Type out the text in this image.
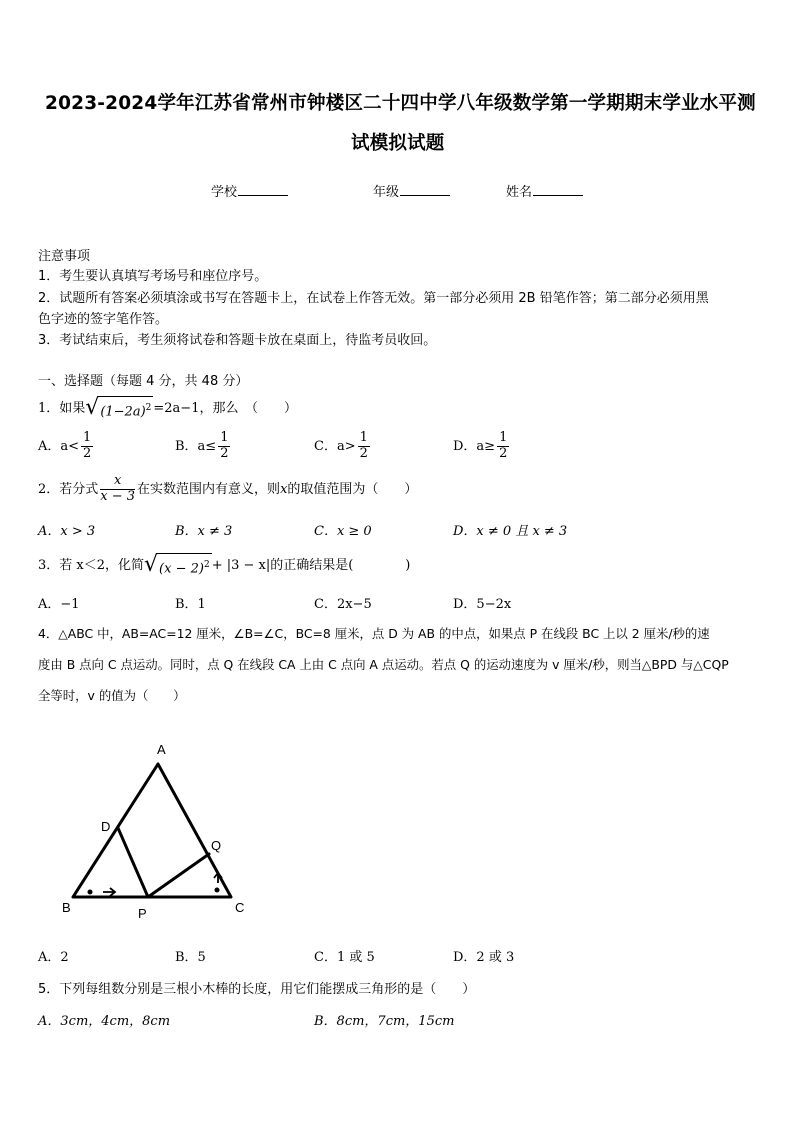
2023-2024学年江苏省常州市钟楼区二十四中学八年级数学第一学期期末学业水平测
试模拟试题
学校	年级	姓名
注意事项
1．考生要认真填写考场号和座位序号。
2．试题所有答案必须填涂或书写在答题卡上，在试卷上作答无效。第一部分必须用 2B 铅笔作答；第二部分必须用黑
色字迹的签字笔作答。
3．考试结束后，考生须将试卷和答题卡放在桌面上，待监考员收回。
一、选择题（每题 4 分，共 48 分）
1．如果 √ $(1-2a)^2 =2a-1$，那么　（　　）
A．$a< \frac{1}{2}$	B．$a\le \frac{1}{2}$	C．$a> \frac{1}{2}$	D．$a\ge \frac{1}{2}$
2．若分式 $\frac{x}{x - 3}$ 在实数范围内有意义，则x的取值范围为（　　）
A．x > 3	B．x ≠ 3	C．x ≥ 0	D．x ≠ 0 且 x ≠ 3
3．若 x＜2，化简 √ $(x - 2)^2 + |3 - x|$的正确结果是(　　　　)
A．−1	B．1	C．2x−5	D．5−2x
4．△ABC 中，AB=AC=12 厘米，∠B=∠C，BC=8 厘米，点 D 为 AB 的中点，如果点 P 在线段 BC 上以 2 厘米/秒的速
度由 B 点向 C 点运动。同时，点 Q 在线段 CA 上由 C 点向 A 点运动。若点 Q 的运动速度为 v 厘米/秒，则当△BPD 与△CQP
全等时，v 的值为（　　）
A
D
Q
B	P	C
A．2	B．5	C．1 或 5	D．2 或 3
5．下列每组数分别是三根小木棒的长度，用它们能摆成三角形的是（　　）
A．3cm，4cm，8cm	B．8cm，7cm，15cm
